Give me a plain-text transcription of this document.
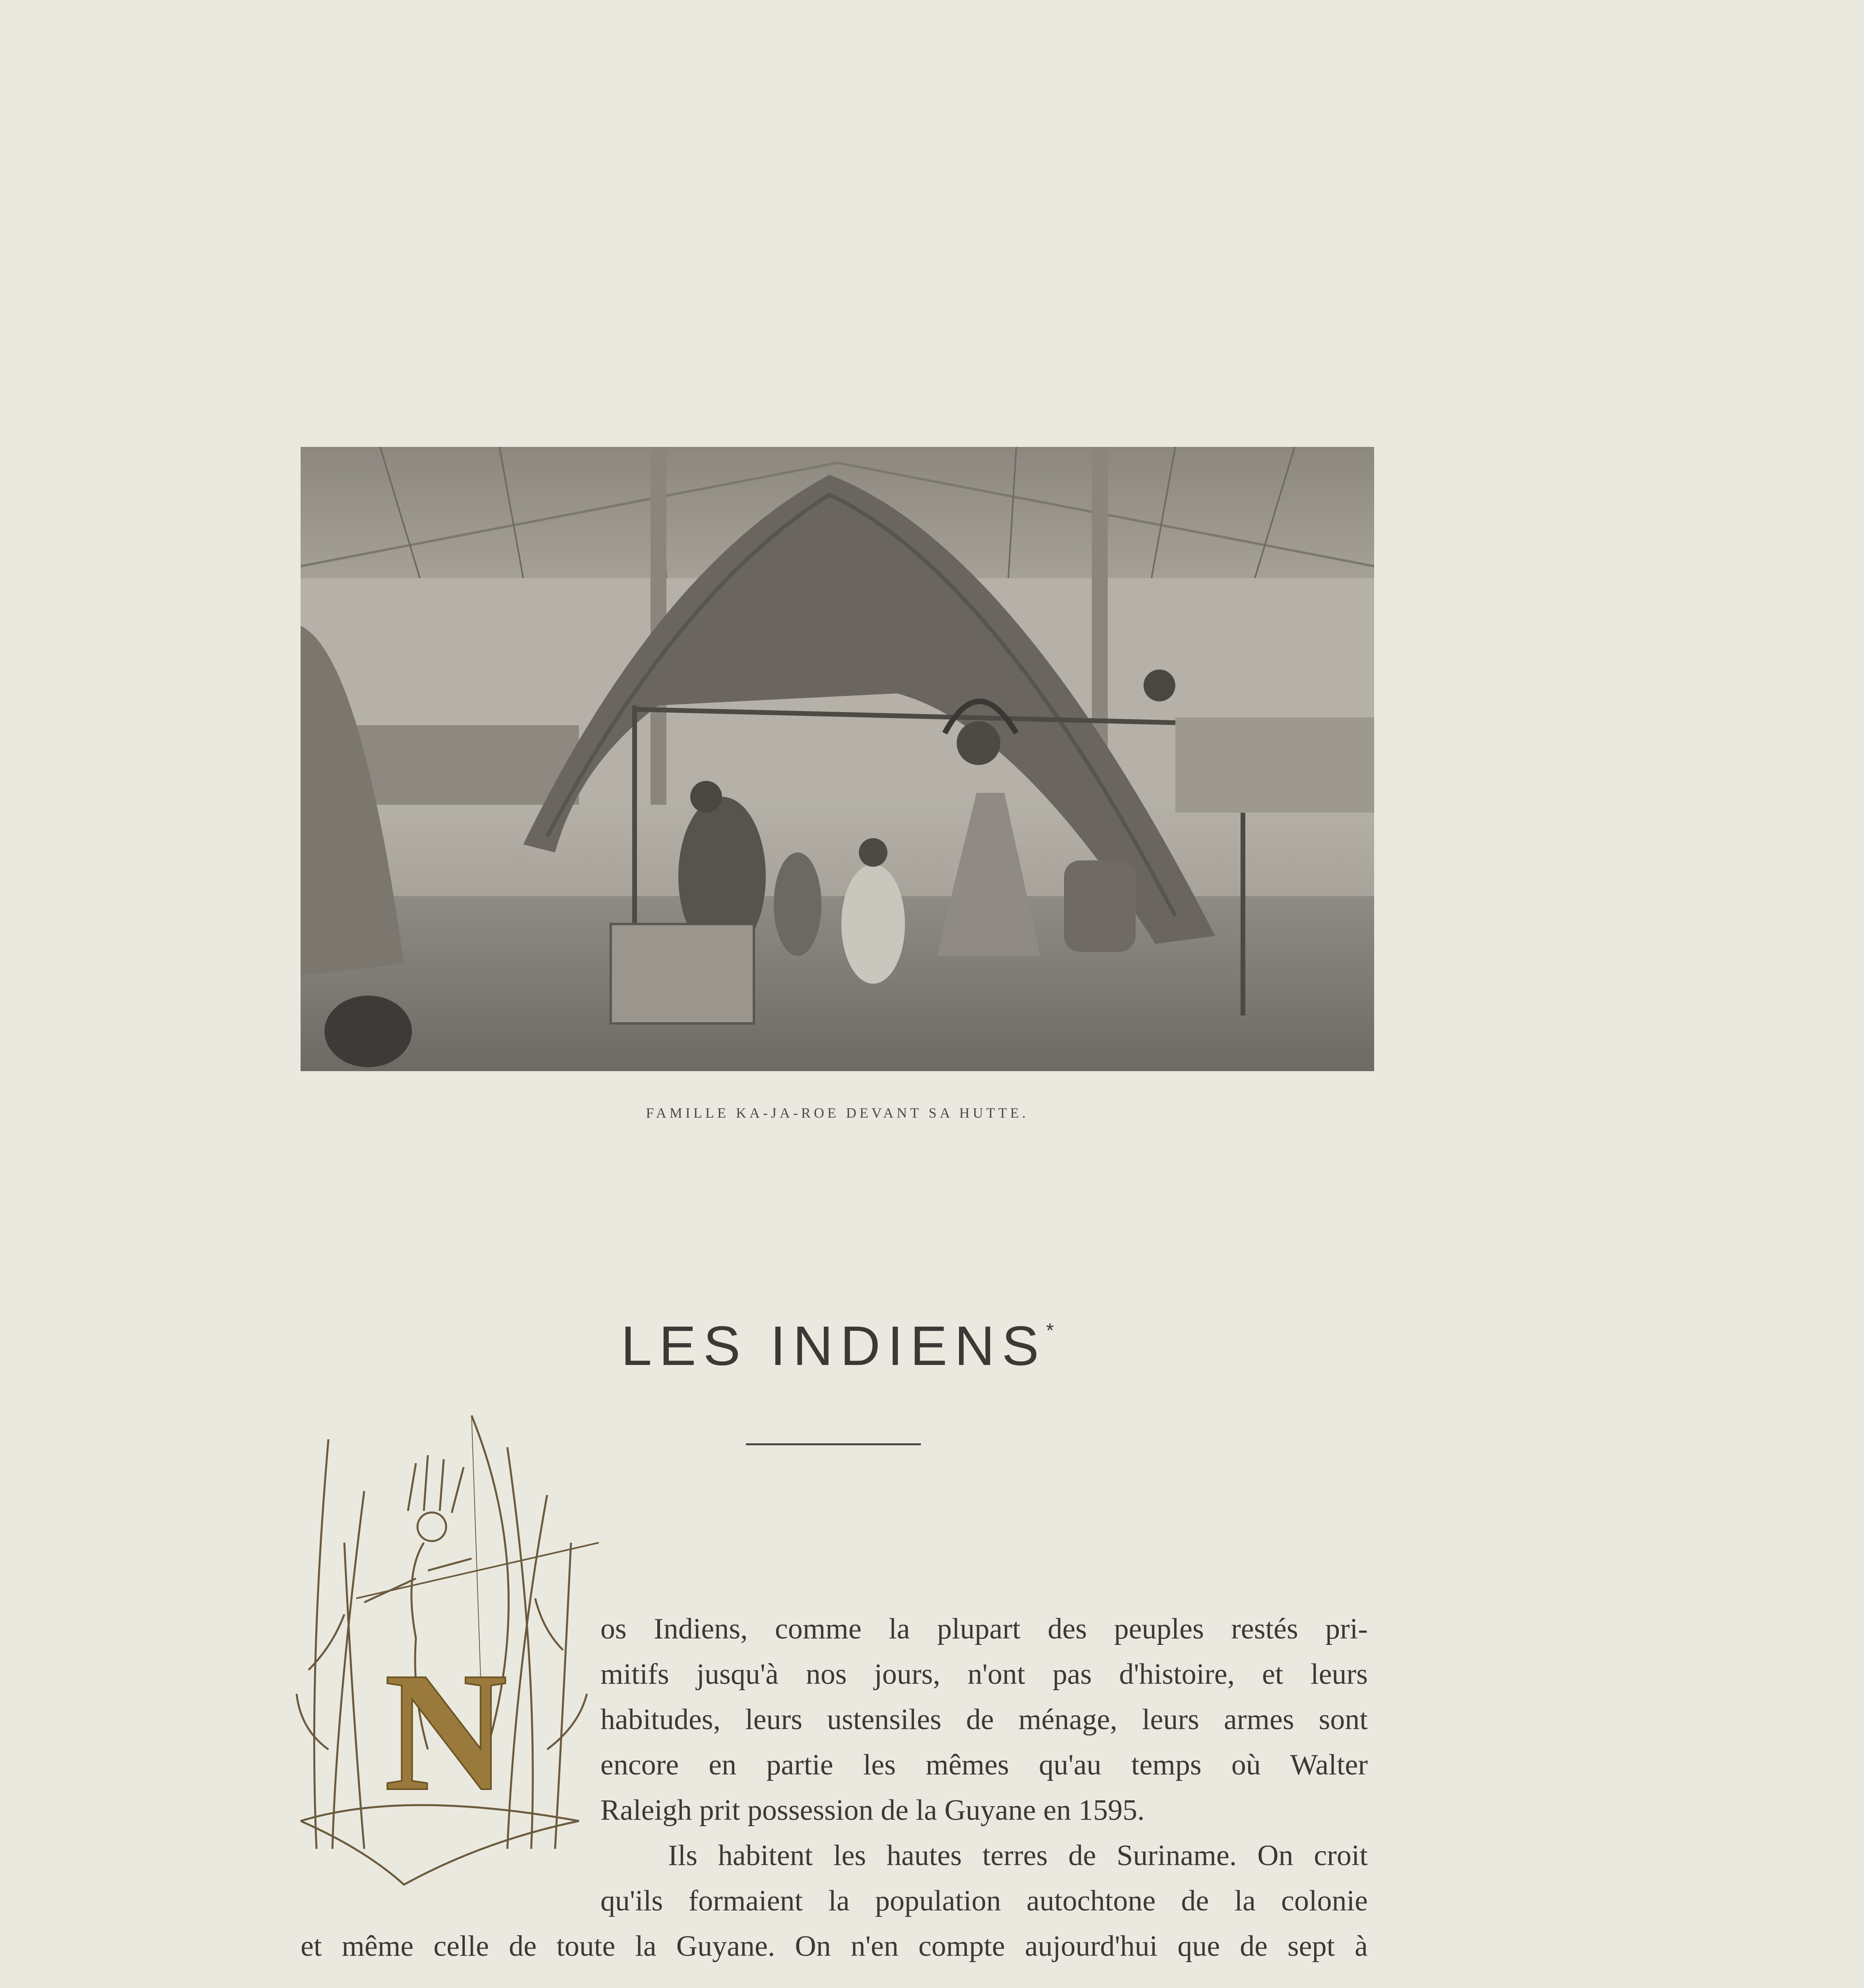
FAMILLE KA-JA-ROE DEVANT SA HUTTE.
LES INDIENS*
N
os Indiens, comme la plupart des peuples restés pri-
mitifs jusqu'à nos jours, n'ont pas d'histoire, et leurs
habitudes, leurs ustensiles de ménage, leurs armes sont
encore en partie les mêmes qu'au temps où Walter
Raleigh prit possession de la Guyane en 1595.
Ils habitent les hautes terres de Suriname. On croit
qu'ils formaient la population autochtone de la colonie
et même celle de toute la Guyane. On n'en compte aujourd'hui que de sept à
